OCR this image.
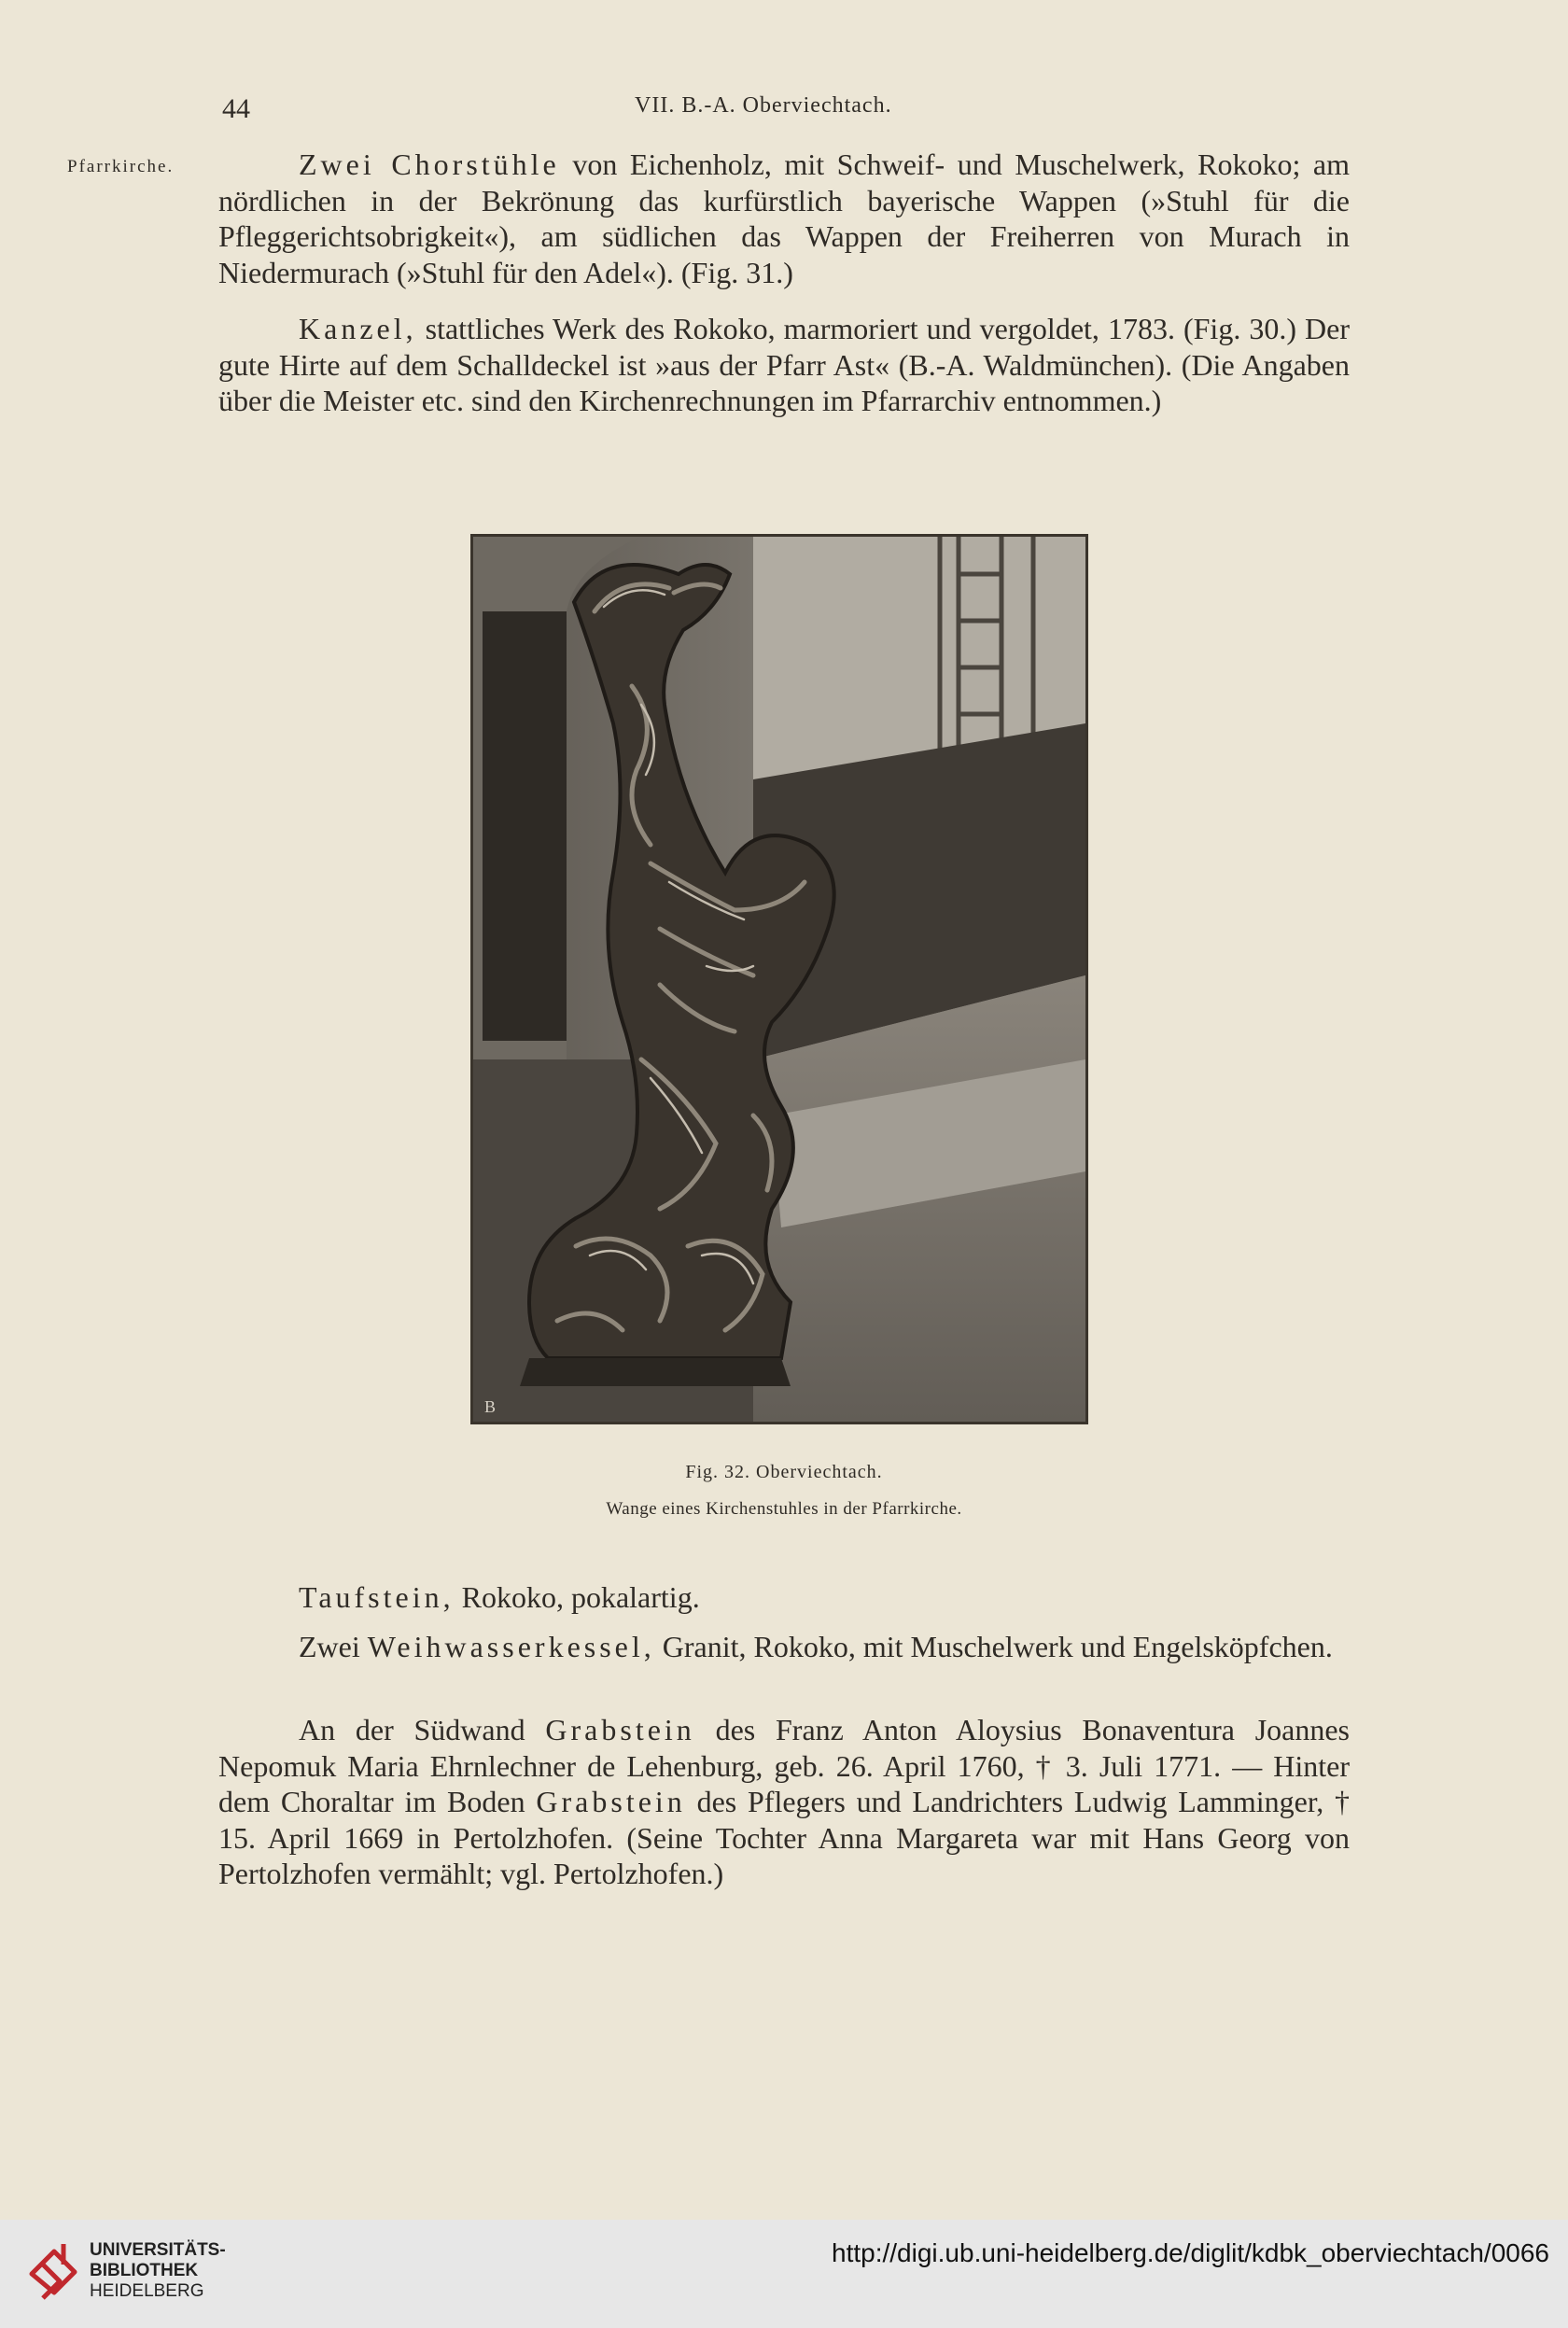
44	VII. B.-A. Oberviechtach.
Pfarrkirche.	Zwei Chorstühle von Eichenholz, mit Schweif- und Muschelwerk, Rokoko; am nördlichen in der Bekrönung das kurfürstlich bayerische Wappen (»Stuhl für die Pfleggerichtsobrigkeit«), am südlichen das Wappen der Freiherren von Murach in Niedermurach (»Stuhl für den Adel«). (Fig. 31.)
Kanzel, stattliches Werk des Rokoko, marmoriert und vergoldet, 1783. (Fig. 30.) Der gute Hirte auf dem Schalldeckel ist »aus der Pfarr Ast« (B.-A. Waldmünchen). (Die Angaben über die Meister etc. sind den Kirchenrechnungen im Pfarrarchiv entnommen.)
B
Fig. 32. Oberviechtach.
Wange eines Kirchenstuhles in der Pfarrkirche.
Taufstein, Rokoko, pokalartig.
Zwei Weihwasserkessel, Granit, Rokoko, mit Muschelwerk und Engelsköpfchen.
An der Südwand Grabstein des Franz Anton Aloysius Bonaventura Joannes Nepomuk Maria Ehrnlechner de Lehenburg, geb. 26. April 1760, † 3. Juli 1771. — Hinter dem Choraltar im Boden Grabstein des Pflegers und Landrichters Ludwig Lamminger, † 15. April 1669 in Pertolzhofen. (Seine Tochter Anna Margareta war mit Hans Georg von Pertolzhofen vermählt; vgl. Pertolzhofen.)
UNIVERSITÄTS-
BIBLIOTHEK
HEIDELBERG
http://digi.ub.uni-heidelberg.de/diglit/kdbk_oberviechtach/0066
